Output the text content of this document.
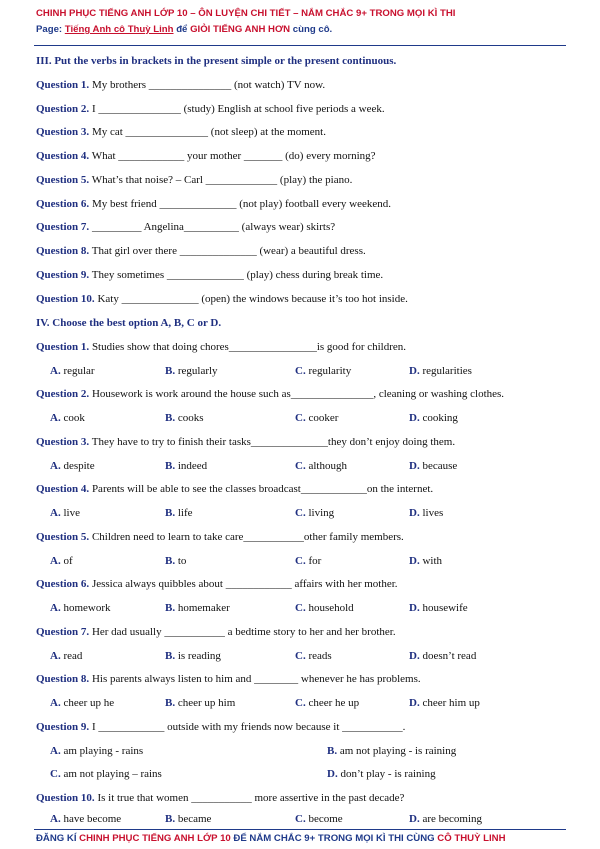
CHINH PHỤC TIẾNG ANH LỚP 10 – ÔN LUYỆN CHI TIẾT – NẮM CHẮC 9+ TRONG MỌI KÌ THI
Page: Tiếng Anh cô Thuỳ Linh để GIỎI TIẾNG ANH HƠN cùng cô.
III. Put the verbs in brackets in the present simple or the present continuous.
Question 1. My brothers _______________ (not watch) TV now.
Question 2. I _______________ (study) English at school five periods a week.
Question 3. My cat _______________ (not sleep) at the moment.
Question 4. What ____________ your mother _______ (do) every morning?
Question 5. What’s that noise? – Carl _____________ (play) the piano.
Question 6. My best friend ______________ (not play) football every weekend.
Question 7. _________ Angelina__________ (always wear) skirts?
Question 8. That girl over there ______________ (wear) a beautiful dress.
Question 9. They sometimes ______________ (play) chess during break time.
Question 10. Katy ______________ (open) the windows because it’s too hot inside.
IV. Choose the best option A, B, C or D.
Question 1. Studies show that doing chores________________is good for children.
A. regular	B. regularly	C. regularity	D. regularities
Question 2. Housework is work around the house such as_______________, cleaning or washing clothes.
A. cook	B. cooks	C. cooker	D. cooking
Question 3. They have to try to finish their tasks______________they don’t enjoy doing them.
A. despite	B. indeed	C. although	D. because
Question 4. Parents will be able to see the classes broadcast____________on the internet.
A. live	B. life	C. living	D. lives
Question 5. Children need to learn to take care___________other family members.
A. of	B. to	C. for	D. with
Question 6. Jessica always quibbles about ____________ affairs with her mother.
A. homework	B. homemaker	C. household	D. housewife
Question 7. Her dad usually ___________ a bedtime story to her and her brother.
A. read	B. is reading	C. reads	D. doesn’t read
Question 8. His parents always listen to him and ________ whenever he has problems.
A. cheer up he	B. cheer up him	C. cheer he up	D. cheer him up
Question 9. I ____________ outside with my friends now because it ___________.
A. am playing - rains	B. am not playing - is raining
C. am not playing – rains	D. don’t play - is raining
Question 10. Is it true that women ___________ more assertive in the past decade?
A. have become	B. became	C. become	D. are becoming
ĐĂNG KÍ CHINH PHỤC TIẾNG ANH LỚP 10 ĐỂ NẮM CHẮC 9+ TRONG MỌI KÌ THI CÙNG CÔ THUỲ LINH
